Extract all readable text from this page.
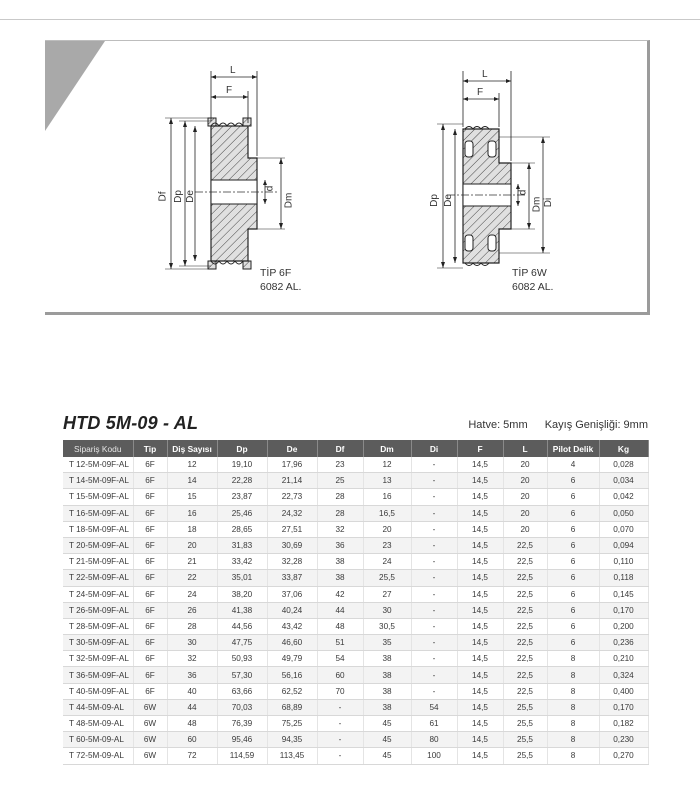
L
F
Df Dp De
d
Dm
TİP 6F
6082 AL.
L
F
Dp De
d
Dm Di
TİP 6W
6082 AL.
HTD 5M-09 - AL	Hatve: 5mm Kayış Genişliği: 9mm
Sipariş Kodu	Tip	Diş Sayısı	Dp	De	Df	Dm	Di	F	L	Pilot Delik	Kg
T 12-5M-09F-AL	6F	12	19,10	17,96	23	12	-	14,5	20	4	0,028
T 14-5M-09F-AL	6F	14	22,28	21,14	25	13	-	14,5	20	6	0,034
T 15-5M-09F-AL	6F	15	23,87	22,73	28	16	-	14,5	20	6	0,042
T 16-5M-09F-AL	6F	16	25,46	24,32	28	16,5	-	14,5	20	6	0,050
T 18-5M-09F-AL	6F	18	28,65	27,51	32	20	-	14,5	20	6	0,070
T 20-5M-09F-AL	6F	20	31,83	30,69	36	23	-	14,5	22,5	6	0,094
T 21-5M-09F-AL	6F	21	33,42	32,28	38	24	-	14,5	22,5	6	0,110
T 22-5M-09F-AL	6F	22	35,01	33,87	38	25,5	-	14,5	22,5	6	0,118
T 24-5M-09F-AL	6F	24	38,20	37,06	42	27	-	14,5	22,5	6	0,145
T 26-5M-09F-AL	6F	26	41,38	40,24	44	30	-	14,5	22,5	6	0,170
T 28-5M-09F-AL	6F	28	44,56	43,42	48	30,5	-	14,5	22,5	6	0,200
T 30-5M-09F-AL	6F	30	47,75	46,60	51	35	-	14,5	22,5	6	0,236
T 32-5M-09F-AL	6F	32	50,93	49,79	54	38	-	14,5	22,5	8	0,210
T 36-5M-09F-AL	6F	36	57,30	56,16	60	38	-	14,5	22,5	8	0,324
T 40-5M-09F-AL	6F	40	63,66	62,52	70	38	-	14,5	22,5	8	0,400
T 44-5M-09-AL	6W	44	70,03	68,89	-	38	54	14,5	25,5	8	0,170
T 48-5M-09-AL	6W	48	76,39	75,25	-	45	61	14,5	25,5	8	0,182
T 60-5M-09-AL	6W	60	95,46	94,35	-	45	80	14,5	25,5	8	0,230
T 72-5M-09-AL	6W	72	114,59	113,45	-	45	100	14,5	25,5	8	0,270
